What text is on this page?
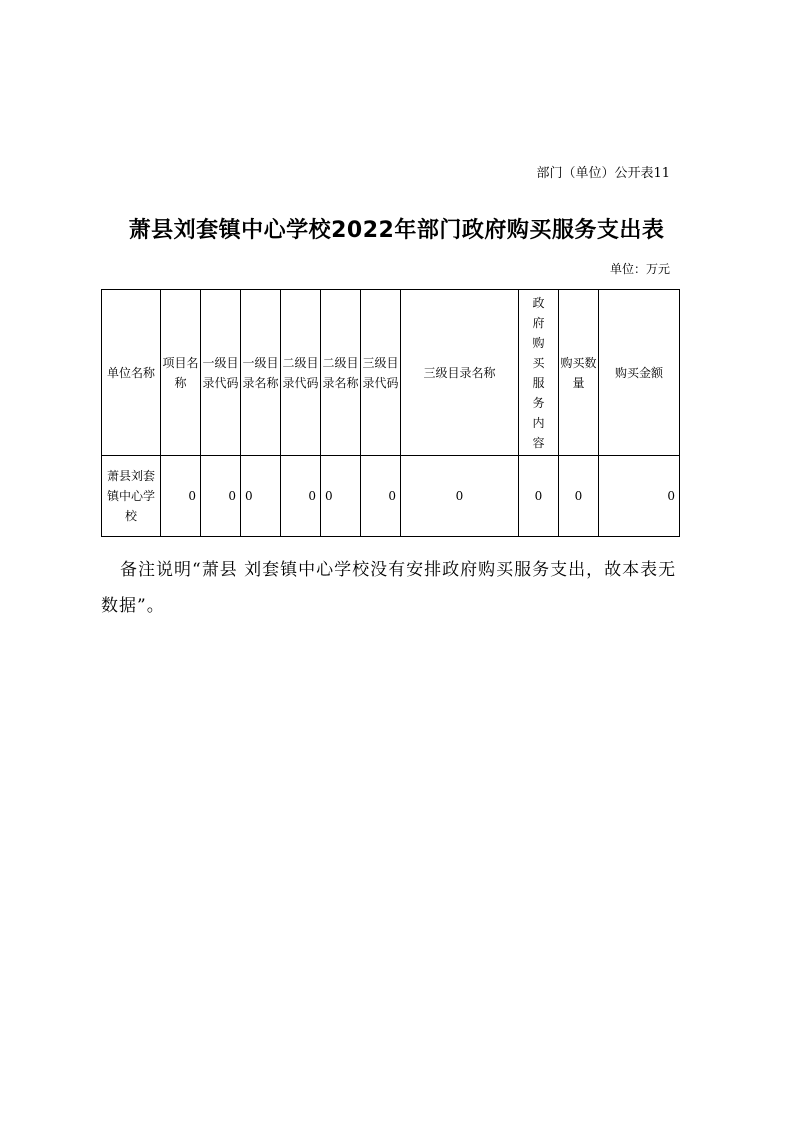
部门（单位）公开表11
萧县刘套镇中心学校2022年部门政府购买服务支出表
单位：万元
单位名称	项目名称	一级目录代码	一级目录名称	二级目录代码	二级目录名称	三级目录代码	三级目录名称	政府购买服务内容	购买数量	购买金额
萧县刘套镇中心学校	0	0	0	0	0	0	0	0	0	0
备注说明“萧县 刘套镇中心学校没有安排政府购买服务支出，故本表无数据”。
